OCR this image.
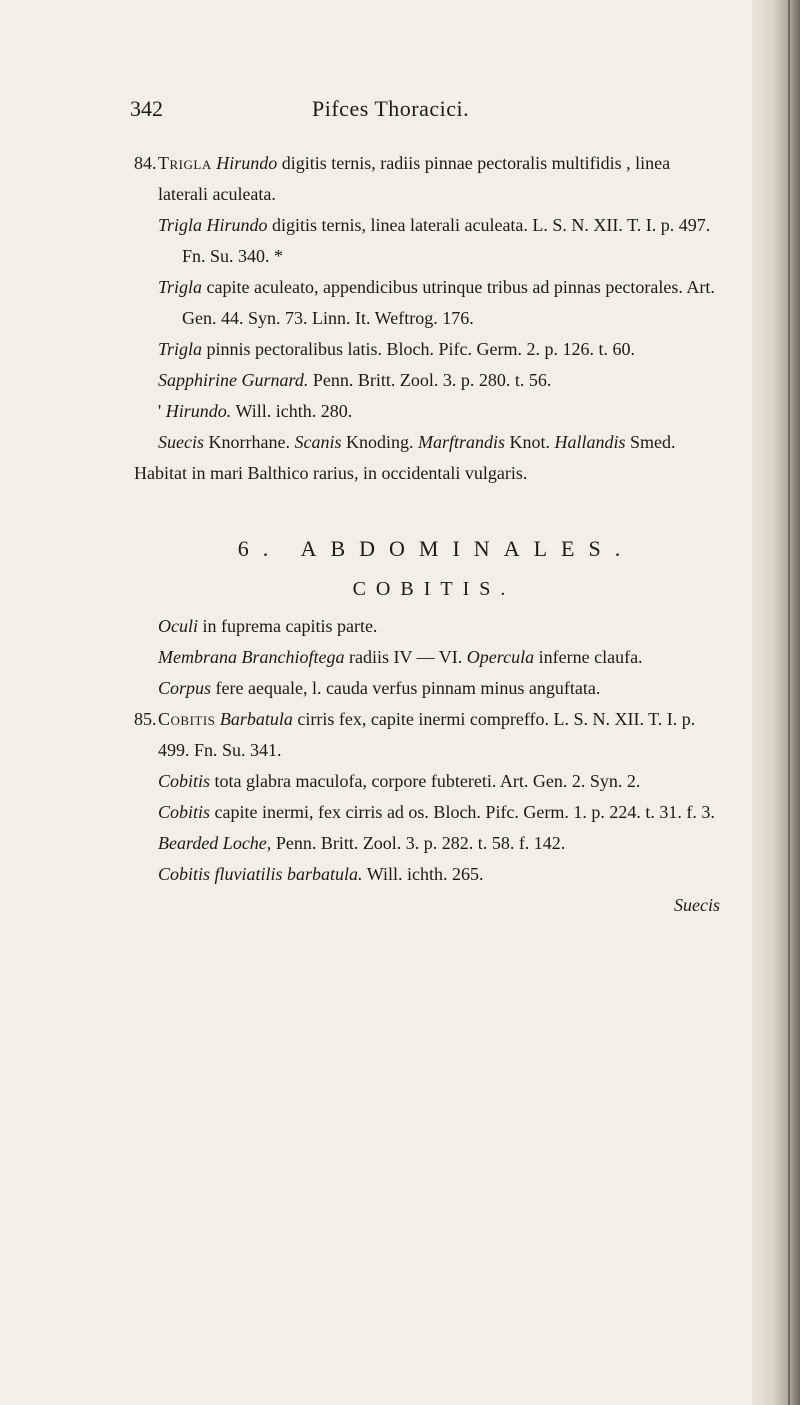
342	Pifces Thoracici.

84.Trigla Hirundo digitis ternis, radiis pinnae pectoralis multifidis , linea laterali aculeata.

Trigla Hirundo digitis ternis, linea laterali aculeata. L. S. N. XII. T. I. p. 497. Fn. Su. 340. *

Trigla capite aculeato, appendicibus utrinque tribus ad pinnas pectorales. Art. Gen. 44. Syn. 73. Linn. It. Weftrog. 176.

Trigla pinnis pectoralibus latis. Bloch. Pifc. Germ. 2. p. 126. t. 60.

Sapphirine Gurnard. Penn. Britt. Zool. 3. p. 280. t. 56.

' Hirundo. Will. ichth. 280.

Suecis Knorrhane. Scanis Knoding. Marftrandis Knot. Hallandis Smed.

Habitat in mari Balthico rarius, in occidentali vulgaris.

6. ABDOMINALES.
COBITIS.

Oculi in fuprema capitis parte.

Membrana Branchioftega radiis IV — VI. Opercula inferne claufa.

Corpus fere aequale, l. cauda verfus pinnam minus anguftata.

85.Cobitis Barbatula cirris fex, capite inermi compreffo. L. S. N. XII. T. I. p. 499. Fn. Su. 341.

Cobitis tota glabra maculofa, corpore fubtereti. Art. Gen. 2. Syn. 2.

Cobitis capite inermi, fex cirris ad os. Bloch. Pifc. Germ. 1. p. 224. t. 31. f. 3.

Bearded Loche, Penn. Britt. Zool. 3. p. 282. t. 58. f. 142.

Cobitis fluviatilis barbatula. Will. ichth. 265.

Suecis
